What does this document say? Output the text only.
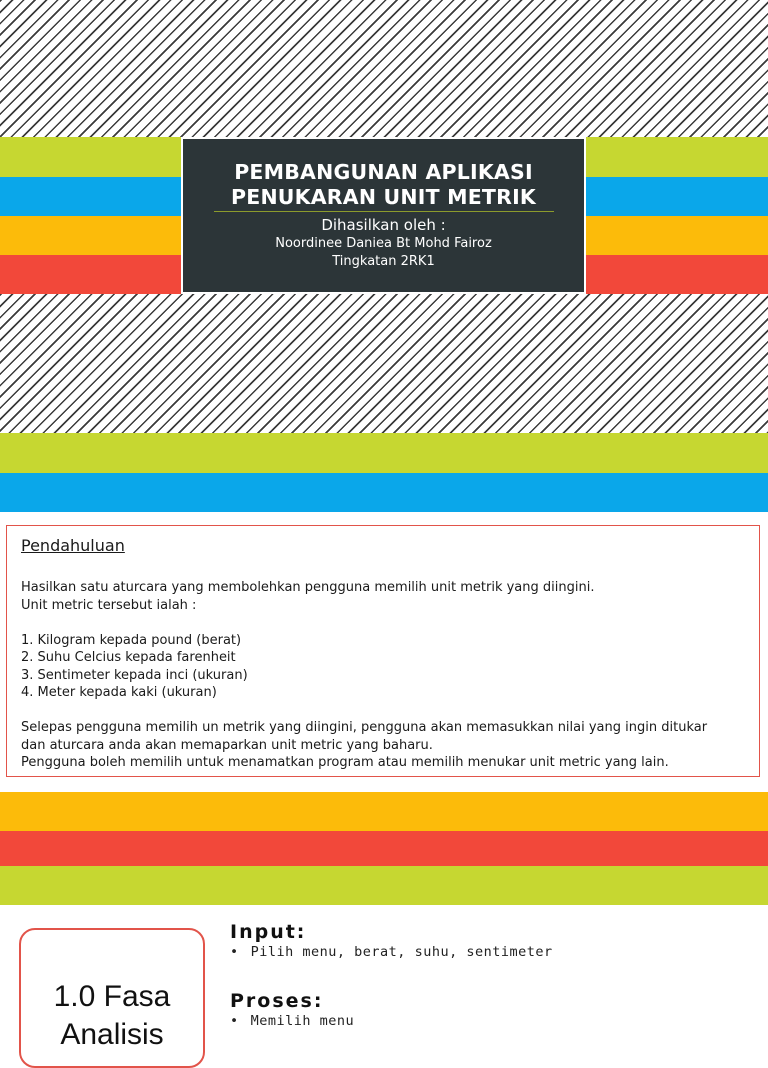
PEMBANGUNAN APLIKASI
PENUKARAN UNIT METRIK
Dihasilkan oleh :
Noordinee Daniea Bt Mohd Fairoz
Tingkatan 2RK1
Pendahuluan
Hasilkan satu aturcara yang membolehkan pengguna memilih unit metrik yang diingini.
Unit metric tersebut ialah :
1. Kilogram kepada pound (berat)
2. Suhu Celcius kepada farenheit
3. Sentimeter kepada inci (ukuran)
4. Meter kepada kaki (ukuran)
Selepas pengguna memilih un metrik yang diingini, pengguna akan memasukkan nilai yang ingin ditukar
dan aturcara anda akan memaparkan unit metric yang baharu.
Pengguna boleh memilih untuk menamatkan program atau memilih menukar unit metric yang lain.
1.0 Fasa
Analisis
Input:
• Pilih menu, berat, suhu, sentimeter
Proses:
• Memilih menu
